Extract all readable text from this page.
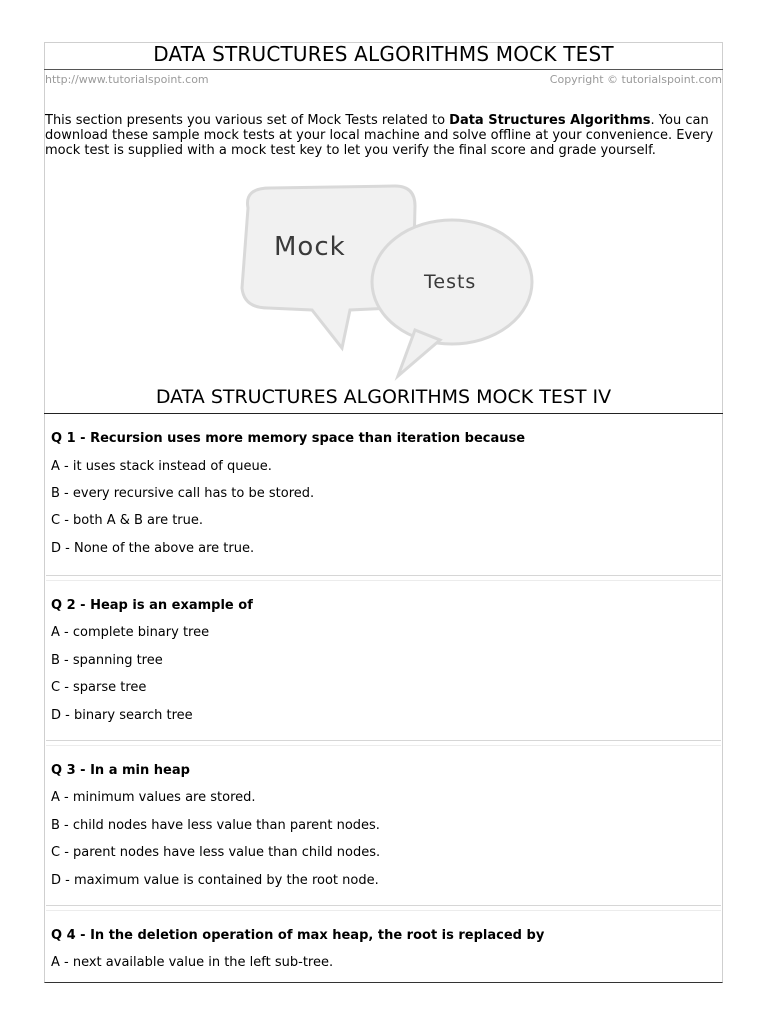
DATA STRUCTURES ALGORITHMS MOCK TEST
http://www.tutorialspoint.com	Copyright © tutorialspoint.com
This section presents you various set of Mock Tests related to Data Structures Algorithms. You can download these sample mock tests at your local machine and solve offline at your convenience. Every mock test is supplied with a mock test key to let you verify the final score and grade yourself.
Mock
Tests
DATA STRUCTURES ALGORITHMS MOCK TEST IV
Q 1 - Recursion uses more memory space than iteration because
A - it uses stack instead of queue.
B - every recursive call has to be stored.
C - both A & B are true.
D - None of the above are true.
Q 2 - Heap is an example of
A - complete binary tree
B - spanning tree
C - sparse tree
D - binary search tree
Q 3 - In a min heap
A - minimum values are stored.
B - child nodes have less value than parent nodes.
C - parent nodes have less value than child nodes.
D - maximum value is contained by the root node.
Q 4 - In the deletion operation of max heap, the root is replaced by
A - next available value in the left sub-tree.
